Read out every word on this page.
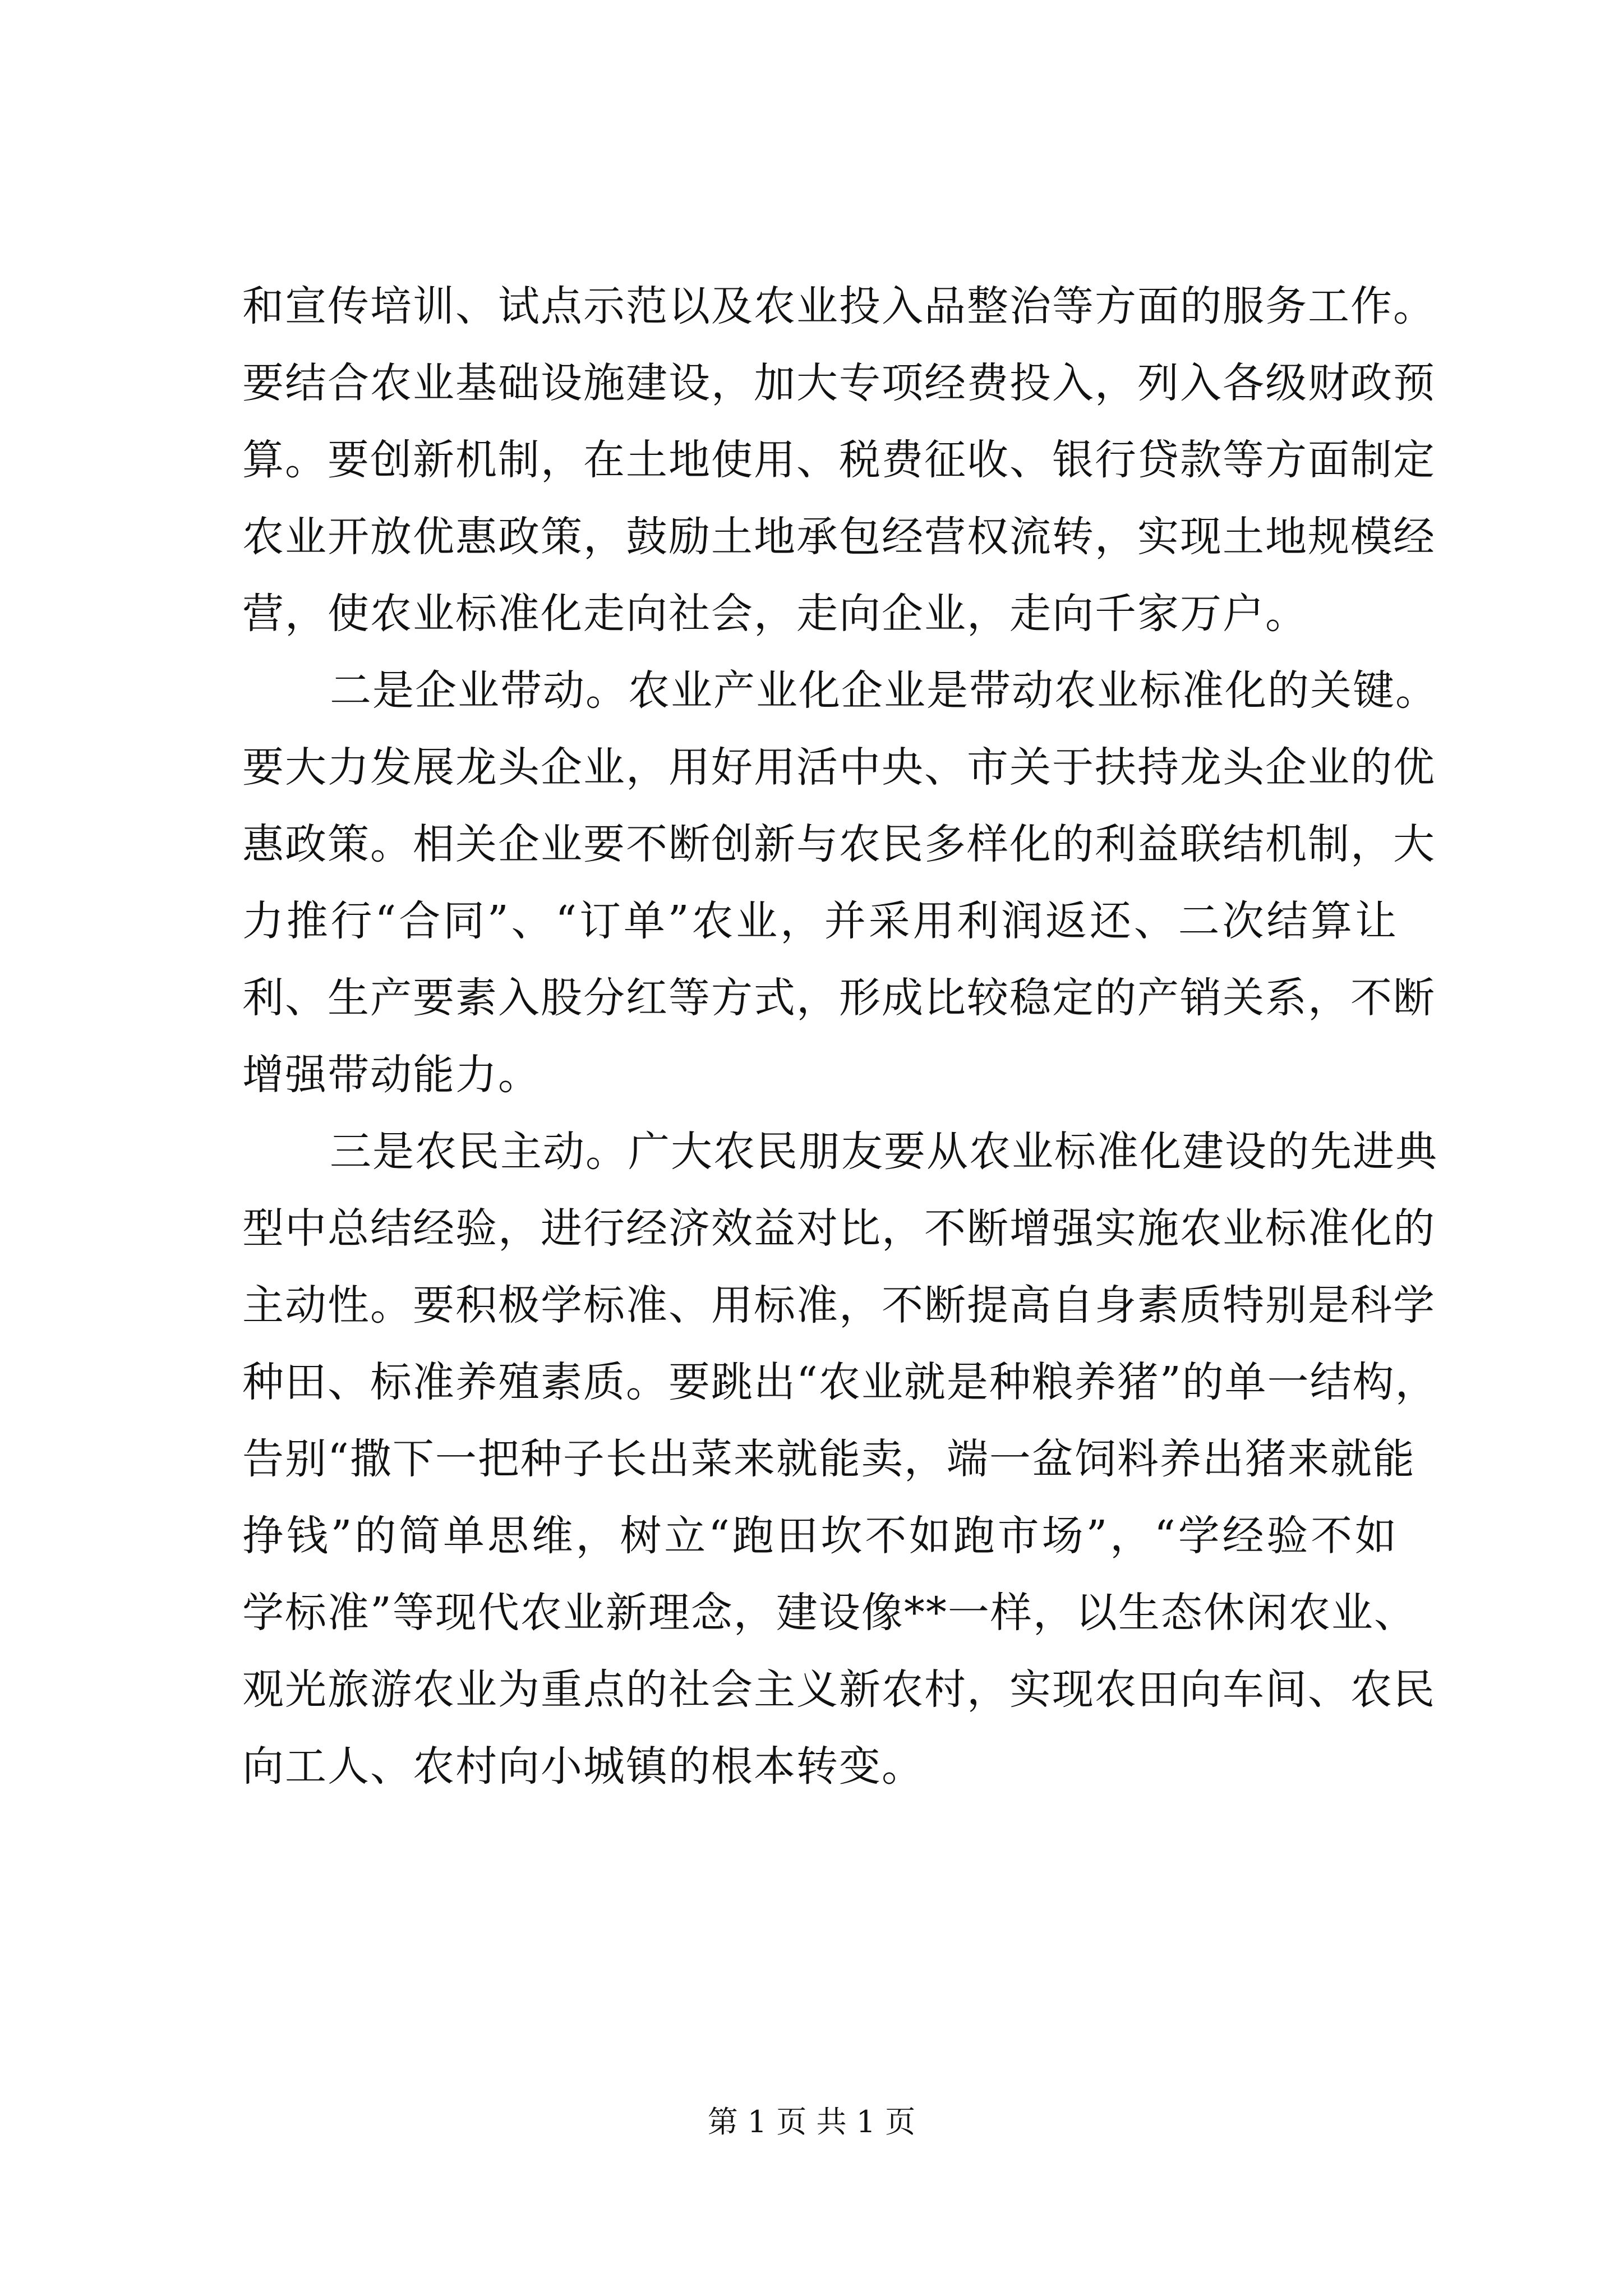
和宣传培训、试点示范以及农业投入品整治等方面的服务工作。
要结合农业基础设施建设，加大专项经费投入，列入各级财政预
算。要创新机制，在土地使用、税费征收、银行贷款等方面制定
农业开放优惠政策，鼓励土地承包经营权流转，实现土地规模经
营，使农业标准化走向社会，走向企业，走向千家万户。
二是企业带动。农业产业化企业是带动农业标准化的关键。
要大力发展龙头企业，用好用活中央、市关于扶持龙头企业的优
惠政策。相关企业要不断创新与农民多样化的利益联结机制，大
力推行“合同”、“订单”农业，并采用利润返还、二次结算让
利、生产要素入股分红等方式，形成比较稳定的产销关系，不断
增强带动能力。
三是农民主动。广大农民朋友要从农业标准化建设的先进典
型中总结经验，进行经济效益对比，不断增强实施农业标准化的
主动性。要积极学标准、用标准，不断提高自身素质特别是科学
种田、标准养殖素质。要跳出“农业就是种粮养猪”的单一结构，
告别“撒下一把种子长出菜来就能卖，端一盆饲料养出猪来就能
挣钱”的简单思维，树立“跑田坎不如跑市场”，“学经验不如
学标准”等现代农业新理念，建设像**一样，以生态休闲农业、
观光旅游农业为重点的社会主义新农村，实现农田向车间、农民
向工人、农村向小城镇的根本转变。
第 1 页 共 1 页
